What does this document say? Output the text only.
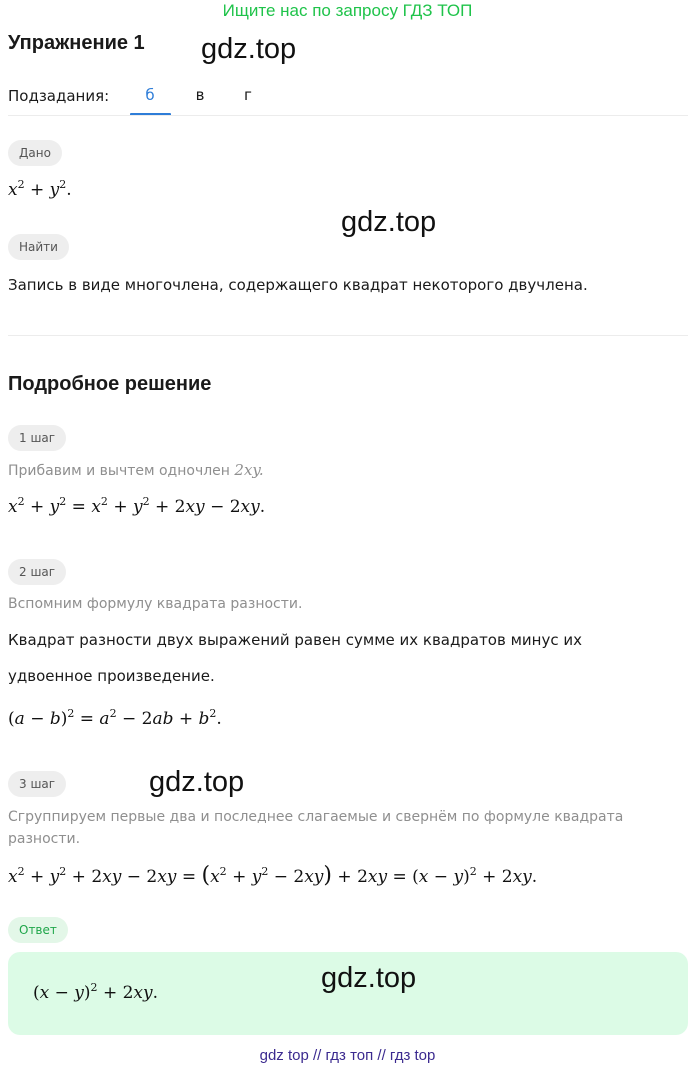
Ищите нас по запросу ГДЗ ТОП
Упражнение 1 gdz.top
Подзадания:	б	в	г
Дано
$x^2 + y^2$.
gdz.top
Найти
Запись в виде многочлена, содержащего квадрат некоторого двучлена.
Подробное решение
1 шаг
Прибавим и вычтем одночлен 2xy.
$x^2 + y^2 = x^2 + y^2 + 2xy - 2xy$.
2 шаг
Вспомним формулу квадрата разности.
Квадрат разности двух выражений равен сумме их квадратов минус их
удвоенное произведение.
$(a - b)^2 = a^2 - 2ab + b^2$.
3 шаг	gdz.top
Сгруппируем первые два и последнее слагаемые и свернём по формуле квадрата
разности.
$x^2 + y^2 + 2xy - 2xy = (x^2 + y^2 - 2xy) + 2xy = (x - y)^2 + 2xy$.
Ответ
$(x - y)^2 + 2xy$.	gdz.top
gdz top // гдз топ // гдз top
